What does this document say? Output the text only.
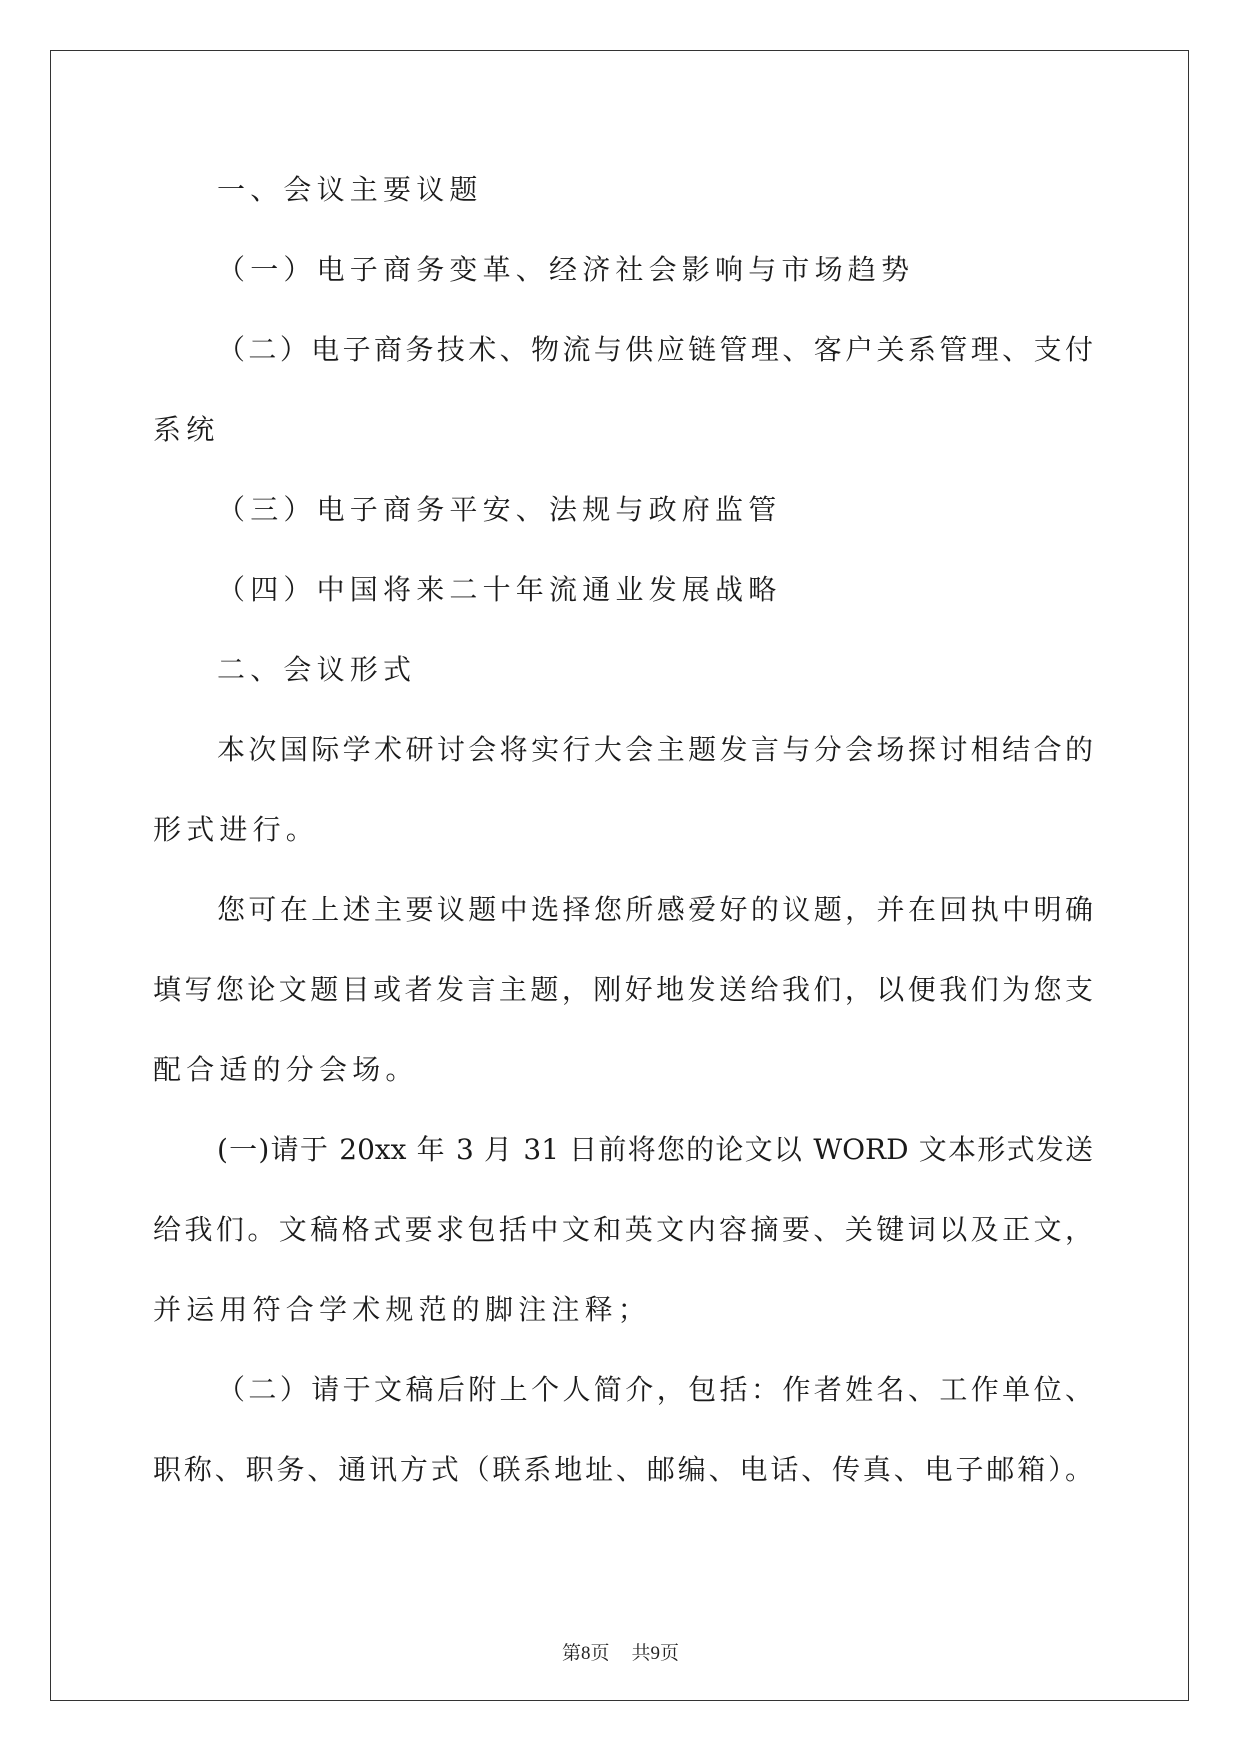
一、会议主要议题
（一）电子商务变革、经济社会影响与市场趋势
（二）电子商务技术、物流与供应链管理、客户关系管理、支付
系统
（三）电子商务平安、法规与政府监管
（四）中国将来二十年流通业发展战略
二、会议形式
本次国际学术研讨会将实行大会主题发言与分会场探讨相结合的
形式进行。
您可在上述主要议题中选择您所感爱好的议题，并在回执中明确
填写您论文题目或者发言主题，刚好地发送给我们，以便我们为您支
配合适的分会场。
(一)请于 20xx 年 3 月 31 日前将您的论文以 WORD 文本形式发送
给我们。文稿格式要求包括中文和英文内容摘要、关键词以及正文，
并运用符合学术规范的脚注注释；
（二）请于文稿后附上个人简介，包括：作者姓名、工作单位、
职称、职务、通讯方式（联系地址、邮编、电话、传真、电子邮箱）。
第8页 共9页
